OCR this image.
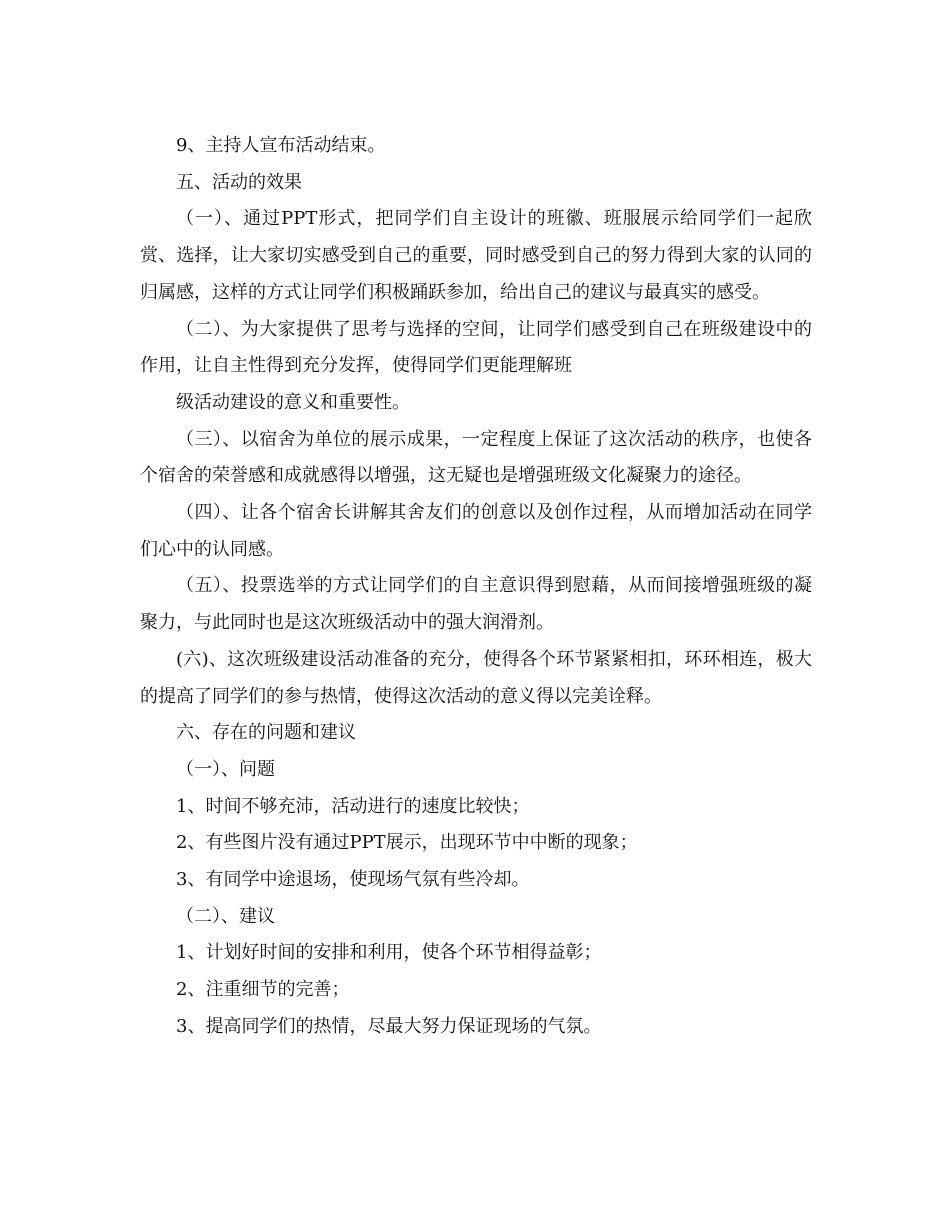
9、主持人宣布活动结束。

五、活动的效果

（一）、通过PPT形式，把同学们自主设计的班徽、班服展示给同学们一起欣赏、选择，让大家切实感受到自己的重要，同时感受到自己的努力得到大家的认同的归属感，这样的方式让同学们积极踊跃参加，给出自己的建议与最真实的感受。

（二）、为大家提供了思考与选择的空间，让同学们感受到自己在班级建设中的作用，让自主性得到充分发挥，使得同学们更能理解班

级活动建设的意义和重要性。

（三）、以宿舍为单位的展示成果，一定程度上保证了这次活动的秩序，也使各个宿舍的荣誉感和成就感得以增强，这无疑也是增强班级文化凝聚力的途径。

（四）、让各个宿舍长讲解其舍友们的创意以及创作过程，从而增加活动在同学们心中的认同感。

（五）、投票选举的方式让同学们的自主意识得到慰藉，从而间接增强班级的凝聚力，与此同时也是这次班级活动中的强大润滑剂。

(六)、这次班级建设活动准备的充分，使得各个环节紧紧相扣，环环相连，极大的提高了同学们的参与热情，使得这次活动的意义得以完美诠释。

六、存在的问题和建议

（一）、问题

1、时间不够充沛，活动进行的速度比较快；

2、有些图片没有通过PPT展示，出现环节中中断的现象；

3、有同学中途退场，使现场气氛有些冷却。

（二）、建议

1、计划好时间的安排和利用，使各个环节相得益彰；

2、注重细节的完善；

3、提高同学们的热情，尽最大努力保证现场的气氛。
